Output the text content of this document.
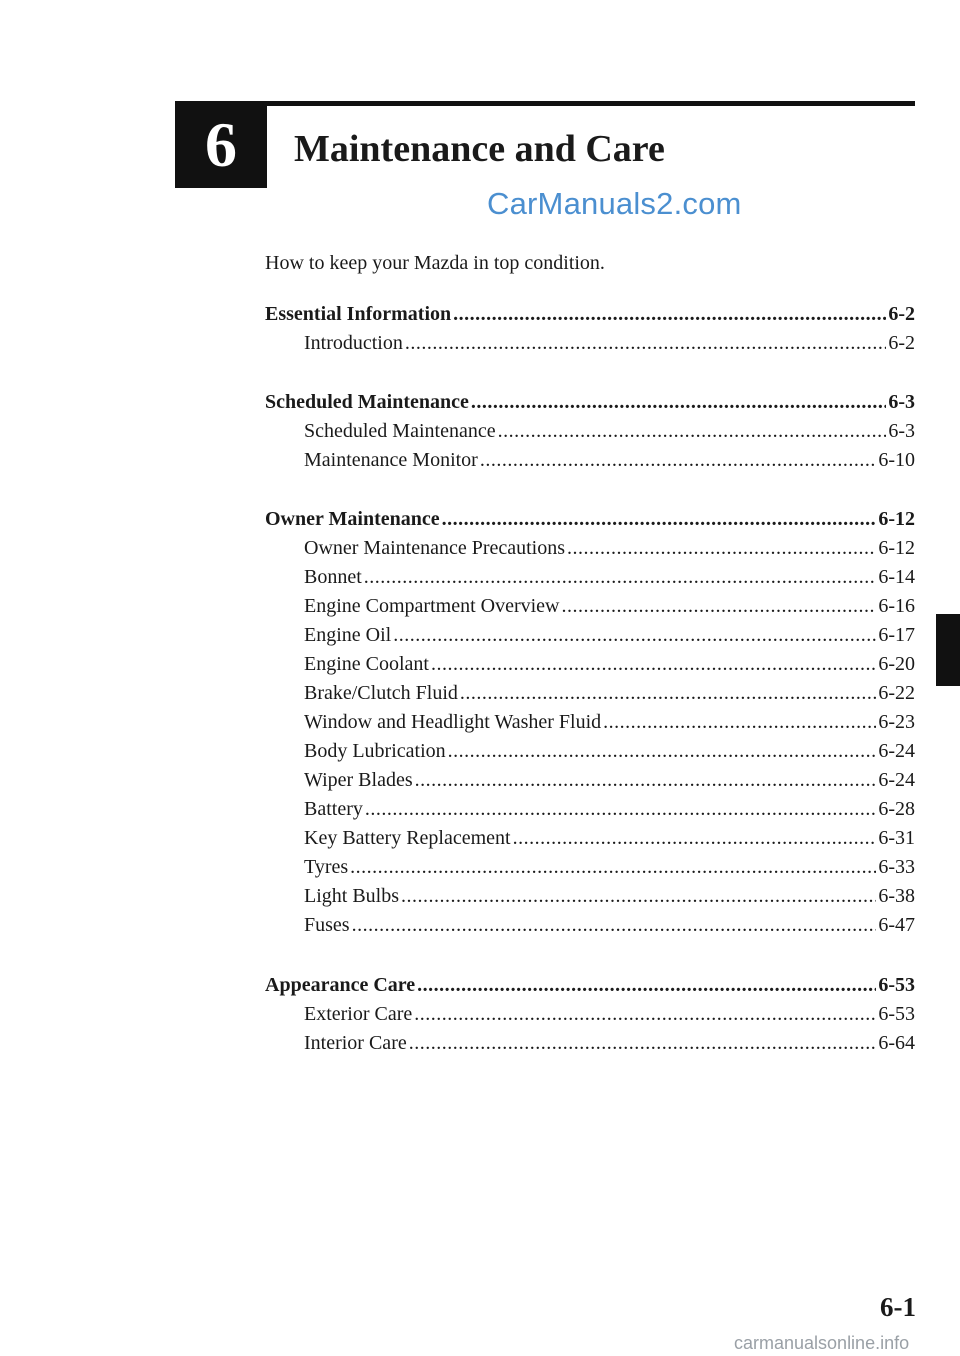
6	Maintenance and Care
CarManuals2.com
How to keep your Mazda in top condition.
Essential Information .....	6-2
Introduction .....	6-2
Scheduled Maintenance .....	6-3
Scheduled Maintenance .....	6-3
Maintenance Monitor .....	6-10
Owner Maintenance .....	6-12
Owner Maintenance Precautions .....	6-12
Bonnet .....	6-14
Engine Compartment Overview .....	6-16
Engine Oil .....	6-17
Engine Coolant .....	6-20
Brake/Clutch Fluid .....	6-22
Window and Headlight Washer Fluid .....	6-23
Body Lubrication .....	6-24
Wiper Blades .....	6-24
Battery .....	6-28
Key Battery Replacement .....	6-31
Tyres .....	6-33
Light Bulbs .....	6-38
Fuses .....	6-47
Appearance Care .....	6-53
Exterior Care .....	6-53
Interior Care .....	6-64
6-1
carmanualsonline.info
